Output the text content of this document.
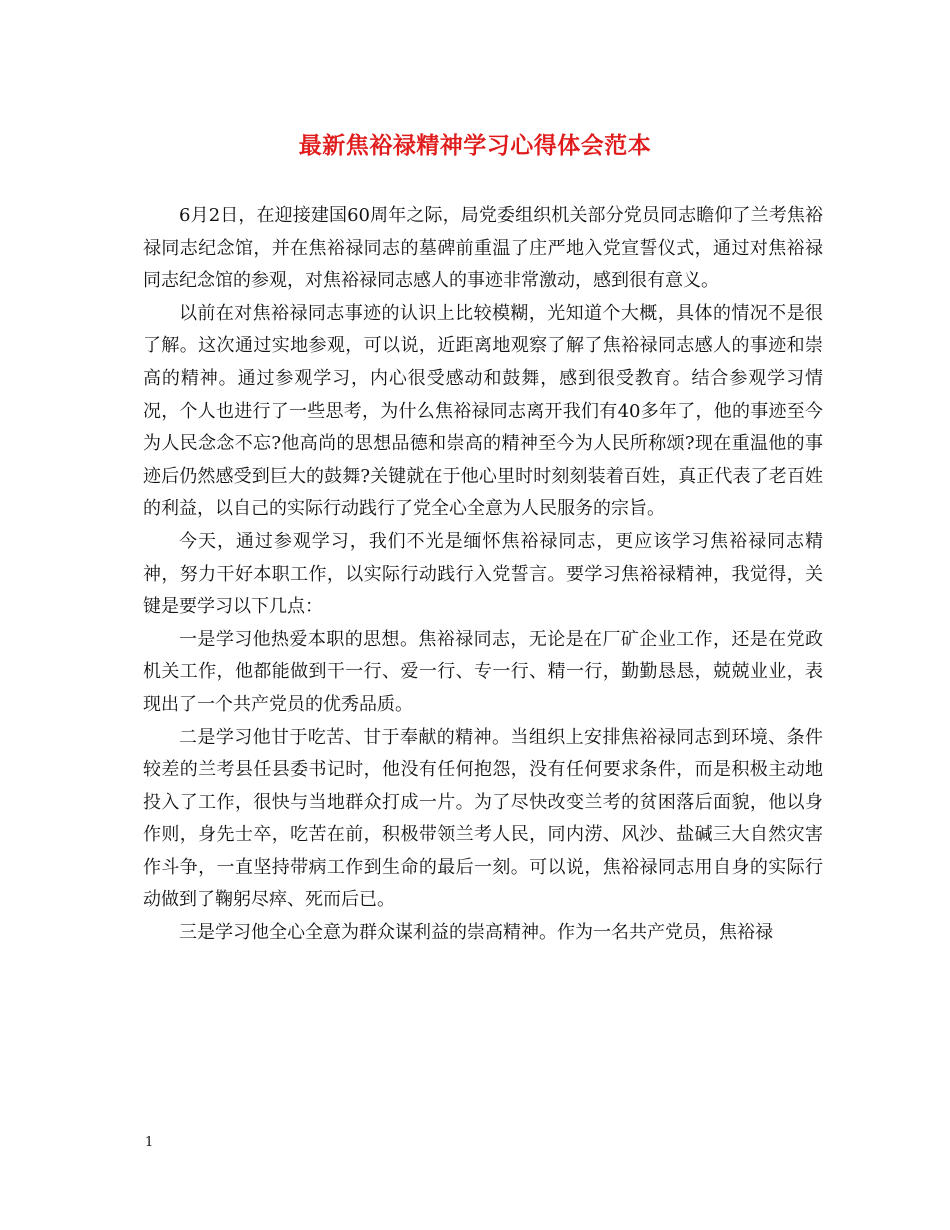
最新焦裕禄精神学习心得体会范本

6月2日，在迎接建国60周年之际，局党委组织机关部分党员同志瞻仰了兰考焦裕禄同志纪念馆，并在焦裕禄同志的墓碑前重温了庄严地入党宣誓仪式，通过对焦裕禄同志纪念馆的参观，对焦裕禄同志感人的事迹非常激动，感到很有意义。

以前在对焦裕禄同志事迹的认识上比较模糊，光知道个大概，具体的情况不是很了解。这次通过实地参观，可以说，近距离地观察了解了焦裕禄同志感人的事迹和崇高的精神。通过参观学习，内心很受感动和鼓舞，感到很受教育。结合参观学习情况，个人也进行了一些思考，为什么焦裕禄同志离开我们有40多年了，他的事迹至今为人民念念不忘?他高尚的思想品德和崇高的精神至今为人民所称颂?现在重温他的事迹后仍然感受到巨大的鼓舞?关键就在于他心里时时刻刻装着百姓，真正代表了老百姓的利益，以自己的实际行动践行了党全心全意为人民服务的宗旨。

今天，通过参观学习，我们不光是缅怀焦裕禄同志，更应该学习焦裕禄同志精神，努力干好本职工作，以实际行动践行入党誓言。要学习焦裕禄精神，我觉得，关键是要学习以下几点：

一是学习他热爱本职的思想。焦裕禄同志，无论是在厂矿企业工作，还是在党政机关工作，他都能做到干一行、爱一行、专一行、精一行，勤勤恳恳，兢兢业业，表现出了一个共产党员的优秀品质。

二是学习他甘于吃苦、甘于奉献的精神。当组织上安排焦裕禄同志到环境、条件较差的兰考县任县委书记时，他没有任何抱怨，没有任何要求条件，而是积极主动地投入了工作，很快与当地群众打成一片。为了尽快改变兰考的贫困落后面貌，他以身作则，身先士卒，吃苦在前，积极带领兰考人民，同内涝、风沙、盐碱三大自然灾害作斗争，一直坚持带病工作到生命的最后一刻。可以说，焦裕禄同志用自身的实际行动做到了鞠躬尽瘁、死而后已。

三是学习他全心全意为群众谋利益的崇高精神。作为一名共产党员，焦裕禄

1
